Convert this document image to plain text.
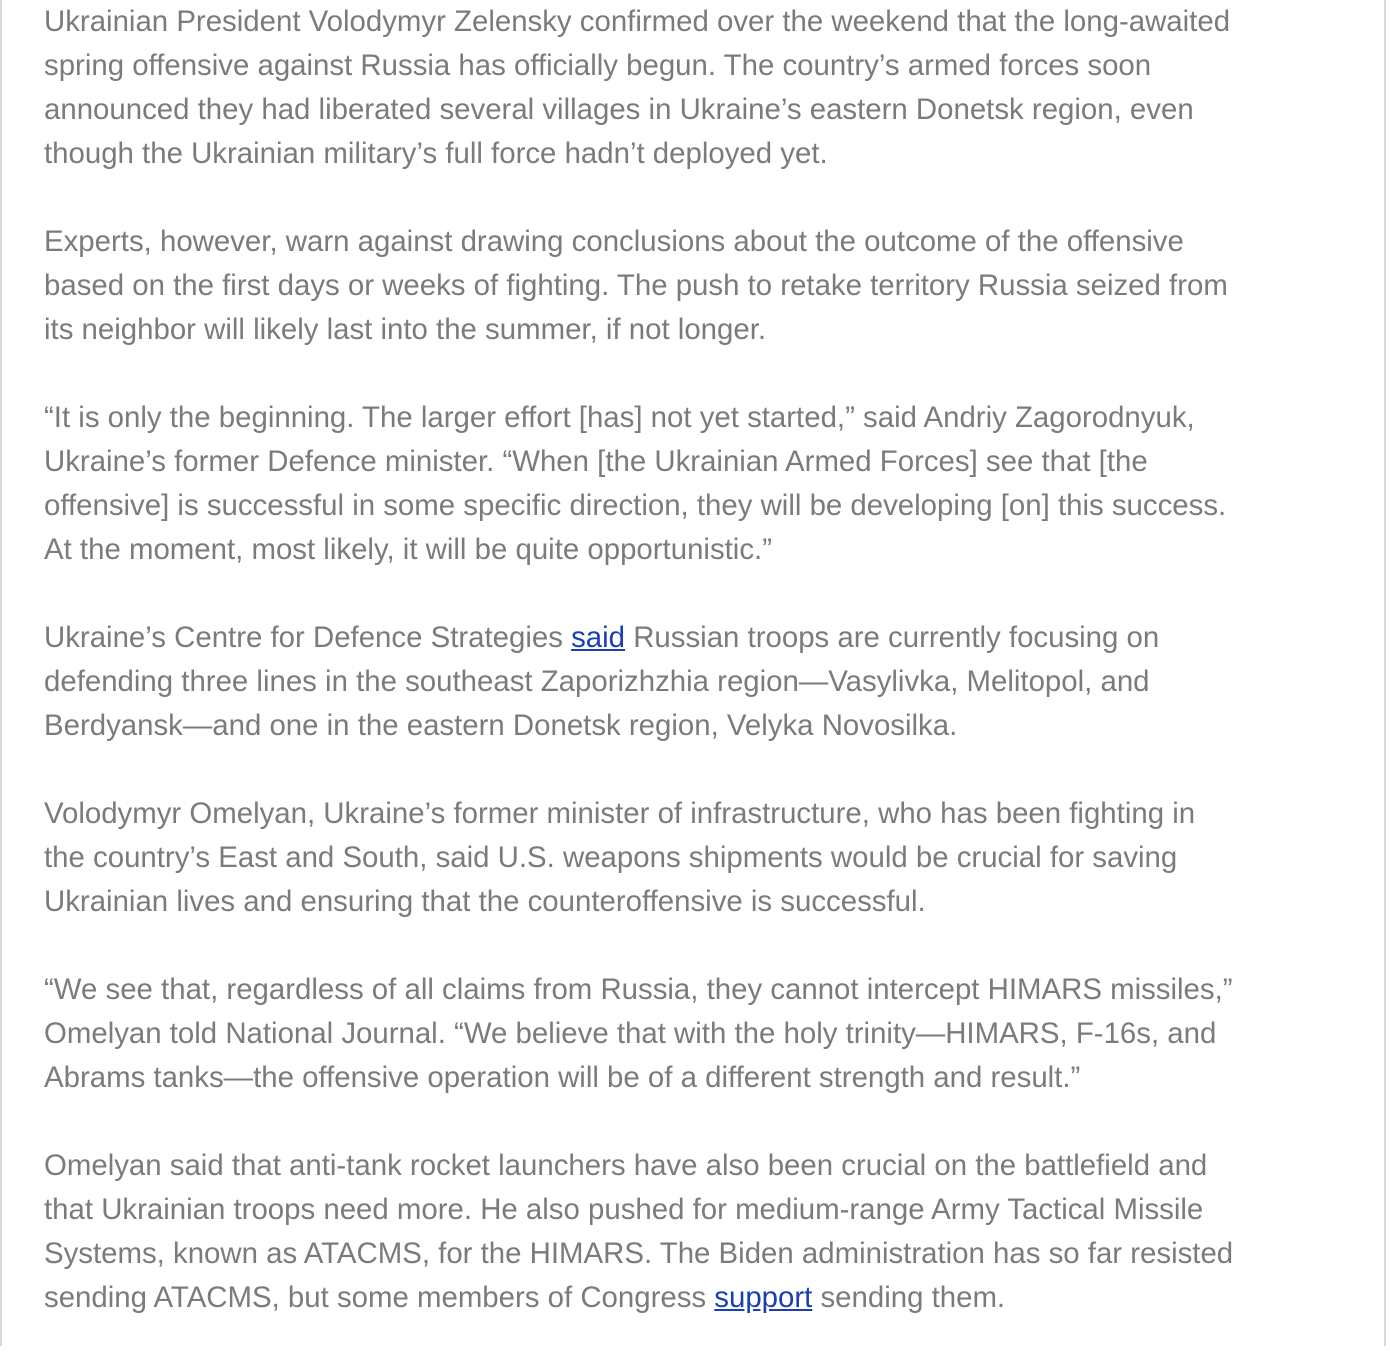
Ukrainian President Volodymyr Zelensky confirmed over the weekend that the long-awaited
spring offensive against Russia has officially begun. The country’s armed forces soon
announced they had liberated several villages in Ukraine’s eastern Donetsk region, even
though the Ukrainian military’s full force hadn’t deployed yet.

Experts, however, warn against drawing conclusions about the outcome of the offensive
based on the first days or weeks of fighting. The push to retake territory Russia seized from
its neighbor will likely last into the summer, if not longer.

“It is only the beginning. The larger effort [has] not yet started,” said Andriy Zagorodnyuk,
Ukraine’s former Defence minister. “When [the Ukrainian Armed Forces] see that [the
offensive] is successful in some specific direction, they will be developing [on] this success.
At the moment, most likely, it will be quite opportunistic.”

Ukraine’s Centre for Defence Strategies said Russian troops are currently focusing on
defending three lines in the southeast Zaporizhzhia region—Vasylivka, Melitopol, and
Berdyansk—and one in the eastern Donetsk region, Velyka Novosilka.

Volodymyr Omelyan, Ukraine’s former minister of infrastructure, who has been fighting in
the country’s East and South, said U.S. weapons shipments would be crucial for saving
Ukrainian lives and ensuring that the counteroffensive is successful.

“We see that, regardless of all claims from Russia, they cannot intercept HIMARS missiles,”
Omelyan told National Journal. “We believe that with the holy trinity—HIMARS, F-16s, and
Abrams tanks—the offensive operation will be of a different strength and result.”

Omelyan said that anti-tank rocket launchers have also been crucial on the battlefield and
that Ukrainian troops need more. He also pushed for medium-range Army Tactical Missile
Systems, known as ATACMS, for the HIMARS. The Biden administration has so far resisted
sending ATACMS, but some members of Congress support sending them.
